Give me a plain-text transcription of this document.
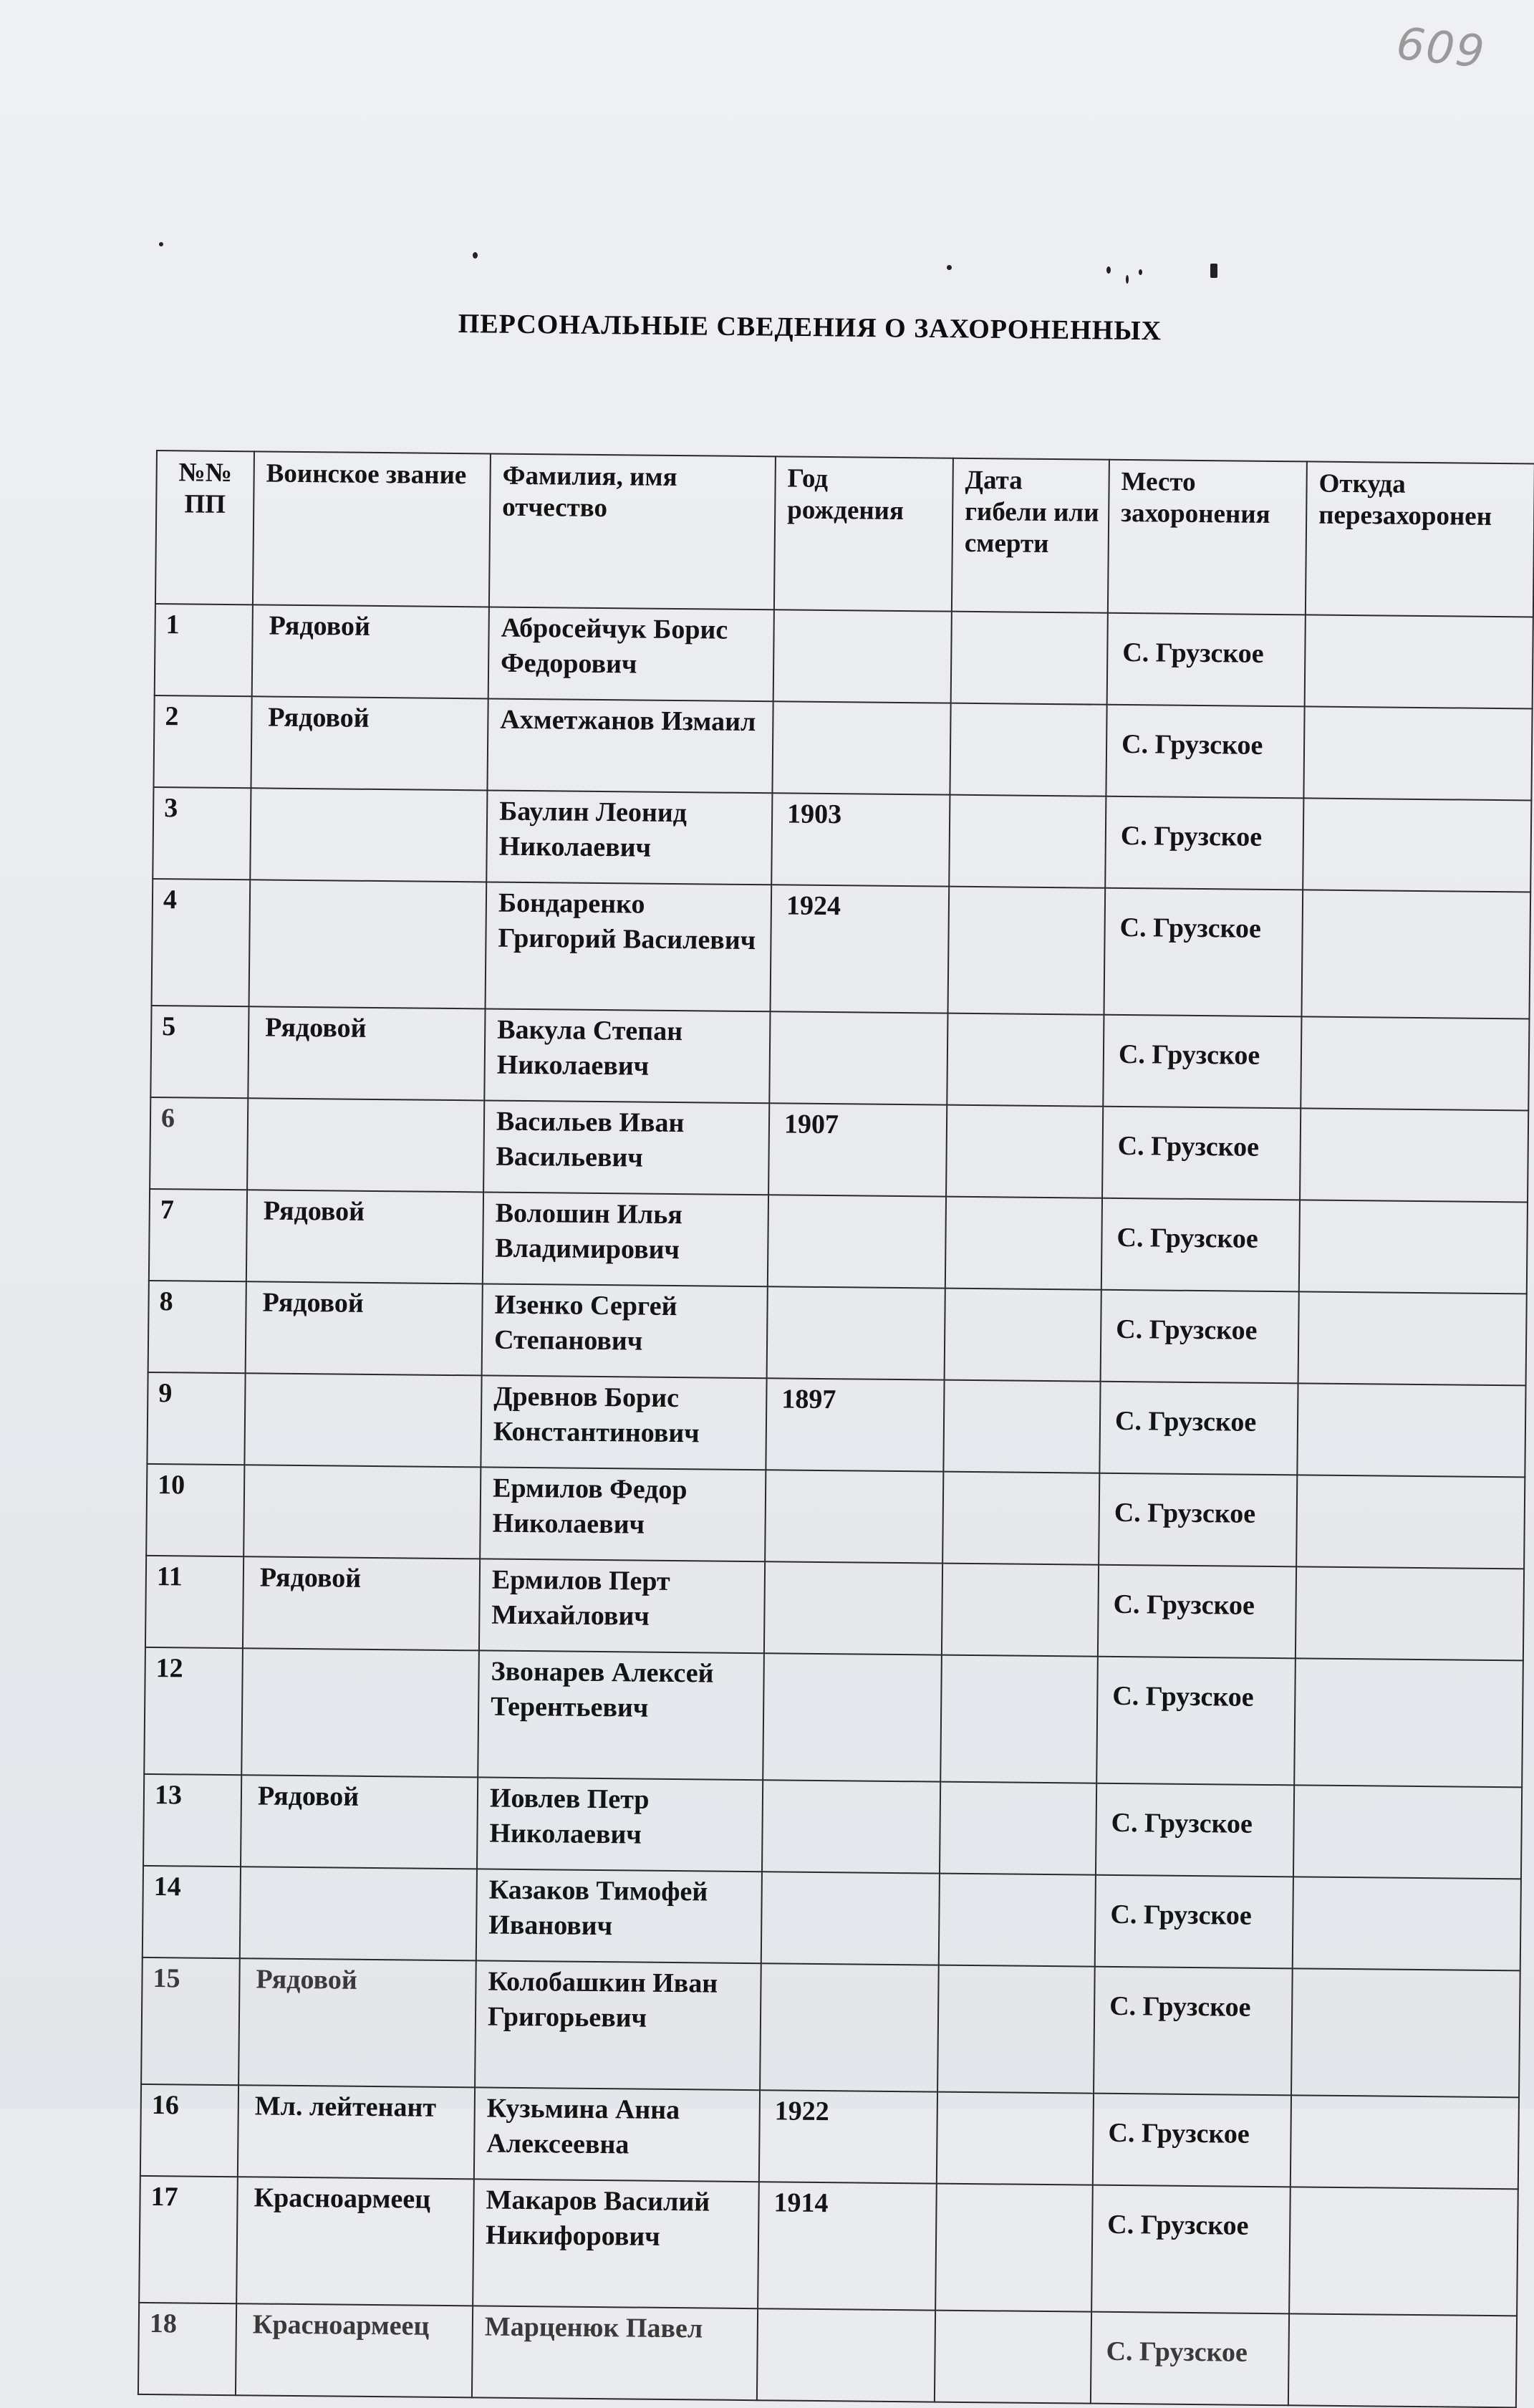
609
ПЕРСОНАЛЬНЫЕ СВЕДЕНИЯ О ЗАХОРОНЕННЫХ
№№ ПП	Воинское звание	Фамилия, имя отчество	Год рождения	Дата гибели или смерти	Место захоронения	Откуда перезахоронен
1	Рядовой	Абросейчук Борис Федорович			С. Грузское	
2	Рядовой	Ахметжанов Измаил			С. Грузское	
3		Баулин Леонид Николаевич	1903		С. Грузское	
4		Бондаренко Григорий Василевич	1924		С. Грузское	
5	Рядовой	Вакула Степан Николаевич			С. Грузское	
6		Васильев Иван Васильевич	1907		С. Грузское	
7	Рядовой	Волошин Илья Владимирович			С. Грузское	
8	Рядовой	Изенко Сергей Степанович			С. Грузское	
9		Древнов Борис Константинович	1897		С. Грузское	
10		Ермилов Федор Николаевич			С. Грузское	
11	Рядовой	Ермилов Перт Михайлович			С. Грузское	
12		Звонарев Алексей Терентьевич			С. Грузское	
13	Рядовой	Иовлев Петр Николаевич			С. Грузское	
14		Казаков Тимофей Иванович			С. Грузское	
15	Рядовой	Колобашкин Иван Григорьевич			С. Грузское	
16	Мл. лейтенант	Кузьмина Анна Алексеевна	1922		С. Грузское	
17	Красноармеец	Макаров Василий Никифорович	1914		С. Грузское	
18	Красноармеец	Марценюк Павел			С. Грузское	
